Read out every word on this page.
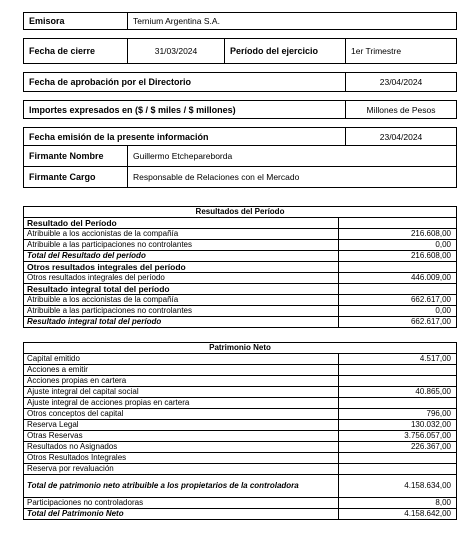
Emisora	Ternium Argentina S.A.		

Fecha de cierre	31/03/2024	Período del ejercicio	1er Trimestre

Fecha de aprobación por el Directorio			23/04/2024

Importes expresados en ($ / $ miles / $ millones)			Millones de Pesos

Fecha emisión de la presente información			23/04/2024
Firmante Nombre	Guillermo Etchepareborda		
Firmante Cargo	Responsable de Relaciones con el Mercado		
Resultados del Período	
Resultado del Período	
Atribuible a los accionistas de la compañía	216.608,00
Atribuible a las participaciones no controlantes	0,00
Total del Resultado del período	216.608,00
Otros resultados integrales del período	
Otros resultados integrales del período	446.009,00
Resultado integral total del período	
Atribuible a los accionistas de la compañía	662.617,00
Atribuible a las participaciones no controlantes	0,00
Resultado integral total del período	662.617,00
Patrimonio Neto	
Capital emitido	4.517,00
Acciones a emitir	
Acciones propias en cartera	
Ajuste integral del capital social	40.865,00
Ajuste integral de acciones propias en cartera	
Otros conceptos del capital	796,00
Reserva Legal	130.032,00
Otras Reservas	3.756.057,00
Resultados no Asignados	226.367,00
Otros Resultados Integrales	
Reserva por revaluación	
Total de patrimonio neto atribuible a los propietarios de la controladora	4.158.634,00
Participaciones no controladoras	8,00
Total del Patrimonio Neto	4.158.642,00
